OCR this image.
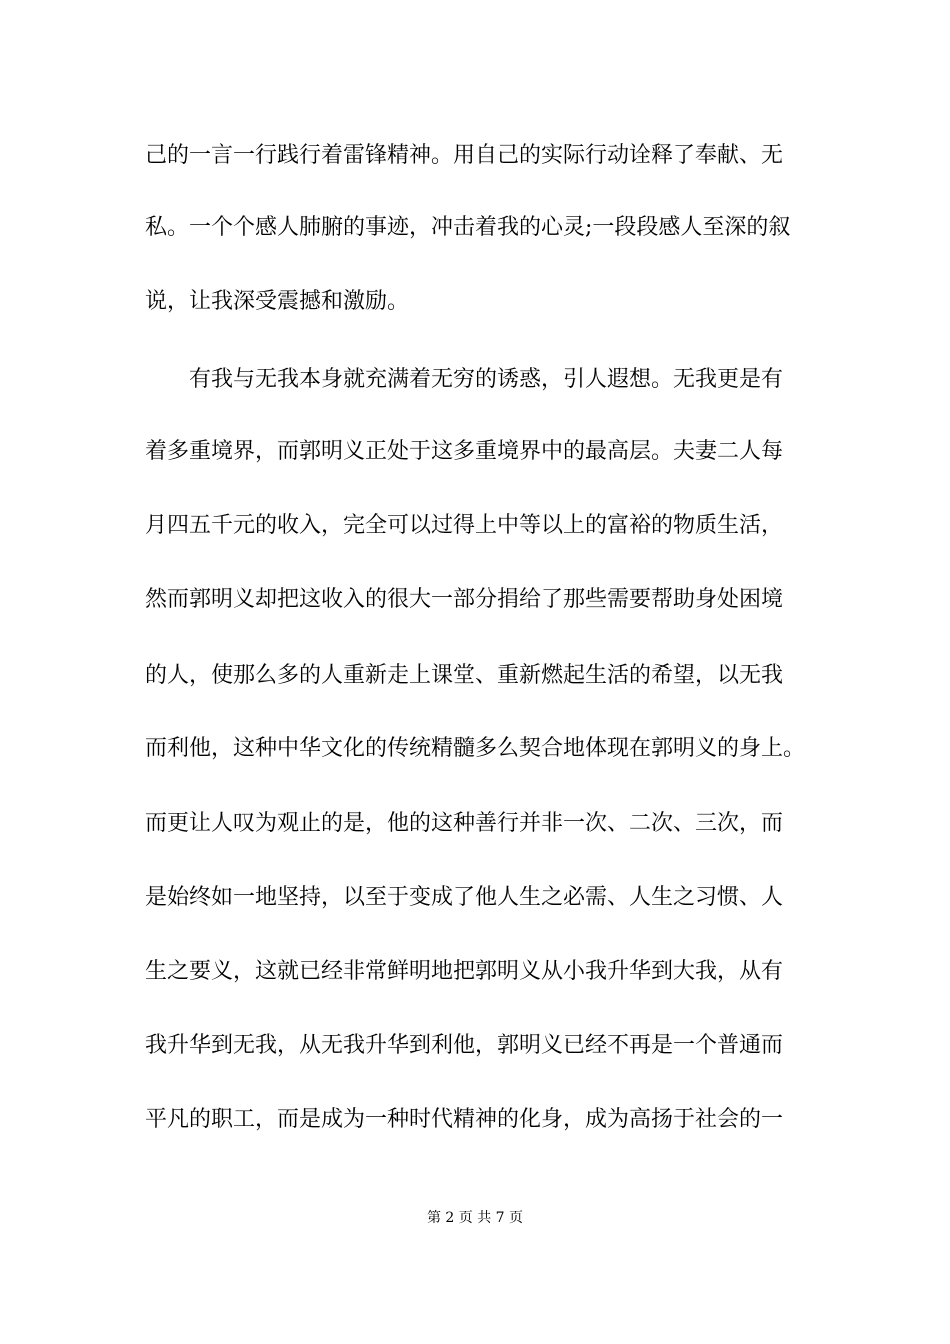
己的一言一行践行着雷锋精神。用自己的实际行动诠释了奉献、无
私。一个个感人肺腑的事迹，冲击着我的心灵;一段段感人至深的叙
说，让我深受震撼和激励。
有我与无我本身就充满着无穷的诱惑，引人遐想。无我更是有
着多重境界，而郭明义正处于这多重境界中的最高层。夫妻二人每
月四五千元的收入，完全可以过得上中等以上的富裕的物质生活，
然而郭明义却把这收入的很大一部分捐给了那些需要帮助身处困境
的人，使那么多的人重新走上课堂、重新燃起生活的希望，以无我
而利他，这种中华文化的传统精髓多么契合地体现在郭明义的身上。
而更让人叹为观止的是，他的这种善行并非一次、二次、三次，而
是始终如一地坚持，以至于变成了他人生之必需、人生之习惯、人
生之要义，这就已经非常鲜明地把郭明义从小我升华到大我，从有
我升华到无我，从无我升华到利他，郭明义已经不再是一个普通而
平凡的职工，而是成为一种时代精神的化身，成为高扬于社会的一
第 2 页 共 7 页
